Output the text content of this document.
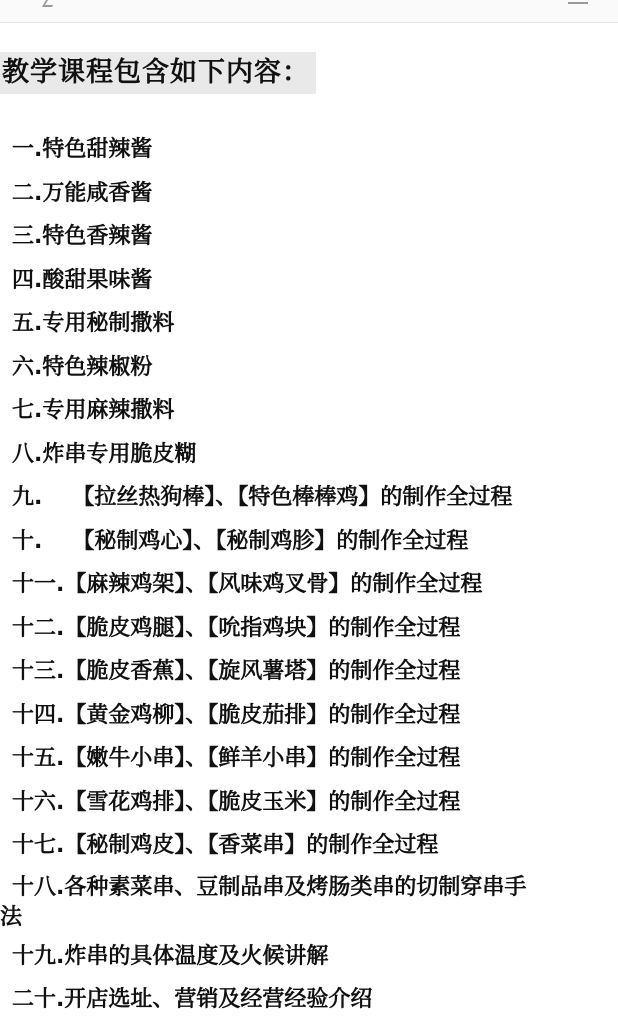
教学课程包含如下内容：
一.特色甜辣酱
二.万能咸香酱
三.特色香辣酱
四.酸甜果味酱
五.专用秘制撒料
六.特色辣椒粉
七.专用麻辣撒料
八.炸串专用脆皮糊
九. 【拉丝热狗棒】、【特色棒棒鸡】的制作全过程
十. 【秘制鸡心】、【秘制鸡胗】的制作全过程
十一.【麻辣鸡架】、【风味鸡叉骨】的制作全过程
十二.【脆皮鸡腿】、【吮指鸡块】的制作全过程
十三.【脆皮香蕉】、【旋风薯塔】的制作全过程
十四.【黄金鸡柳】、【脆皮茄排】的制作全过程
十五.【嫩牛小串】、【鲜羊小串】的制作全过程
十六.【雪花鸡排】、【脆皮玉米】的制作全过程
十七.【秘制鸡皮】、【香菜串】的制作全过程
十八.各种素菜串、豆制品串及烤肠类串的切制穿串手
法
十九.炸串的具体温度及火候讲解
二十.开店选址、营销及经营经验介绍
